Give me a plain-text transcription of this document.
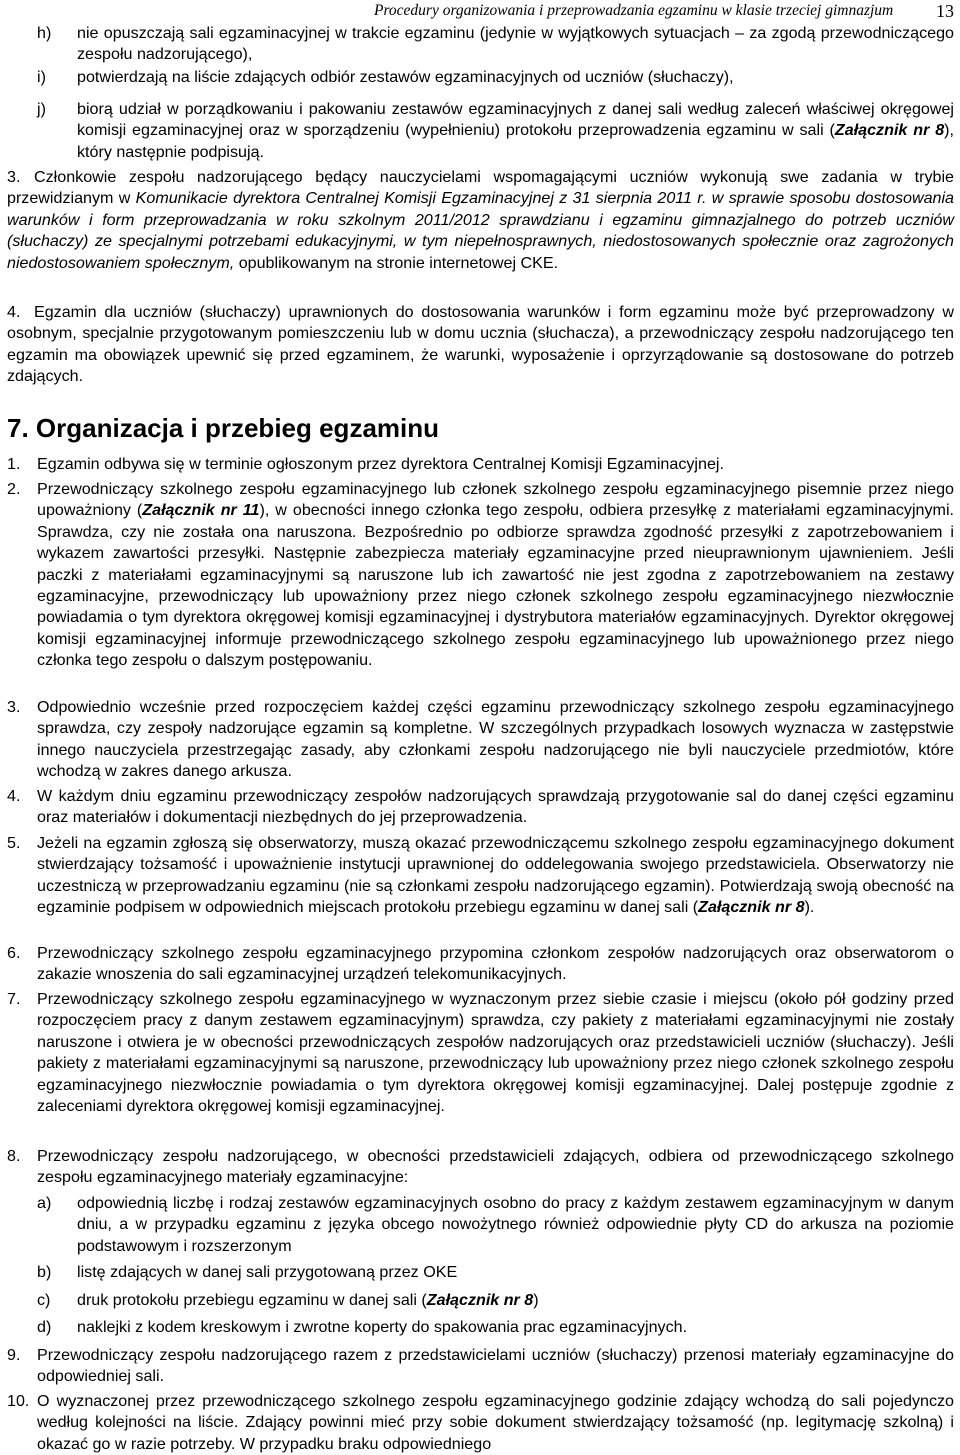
Procedury organizowania i przeprowadzania egzaminu w klasie trzeciej gimnazjum 13
h) nie opuszczają sali egzaminacyjnej w trakcie egzaminu (jedynie w wyjątkowych sytuacjach – za zgodą przewodniczącego zespołu nadzorującego),
i) potwierdzają na liście zdających odbiór zestawów egzaminacyjnych od uczniów (słuchaczy),
j) biorą udział w porządkowaniu i pakowaniu zestawów egzaminacyjnych z danej sali według zaleceń właściwej okręgowej komisji egzaminacyjnej oraz w sporządzeniu (wypełnieniu) protokołu przeprowadzenia egzaminu w sali (Załącznik nr 8), który następnie podpisują.
3. Członkowie zespołu nadzorującego będący nauczycielami wspomagającymi uczniów wykonują swe zadania w trybie przewidzianym w Komunikacie dyrektora Centralnej Komisji Egzaminacyjnej z 31 sierpnia 2011 r. w sprawie sposobu dostosowania warunków i form przeprowadzania w roku szkolnym 2011/2012 sprawdzianu i egzaminu gimnazjalnego do potrzeb uczniów (słuchaczy) ze specjalnymi potrzebami edukacyjnymi, w tym niepełnosprawnych, niedostosowanych społecznie oraz zagrożonych niedostosowaniem społecznym, opublikowanym na stronie internetowej CKE.
4. Egzamin dla uczniów (słuchaczy) uprawnionych do dostosowania warunków i form egzaminu może być przeprowadzony w osobnym, specjalnie przygotowanym pomieszczeniu lub w domu ucznia (słuchacza), a przewodniczący zespołu nadzorującego ten egzamin ma obowiązek upewnić się przed egzaminem, że warunki, wyposażenie i oprzyrządowanie są dostosowane do potrzeb zdających.
7. Organizacja i przebieg egzaminu
1. Egzamin odbywa się w terminie ogłoszonym przez dyrektora Centralnej Komisji Egzaminacyjnej.
2. Przewodniczący szkolnego zespołu egzaminacyjnego lub członek szkolnego zespołu egzaminacyjnego pisemnie przez niego upoważniony (Załącznik nr 11), w obecności innego członka tego zespołu, odbiera przesyłkę z materiałami egzaminacyjnymi. Sprawdza, czy nie została ona naruszona. Bezpośrednio po odbiorze sprawdza zgodność przesyłki z zapotrzebowaniem i wykazem zawartości przesyłki. Następnie zabezpiecza materiały egzaminacyjne przed nieuprawnionym ujawnieniem. Jeśli paczki z materiałami egzaminacyjnymi są naruszone lub ich zawartość nie jest zgodna z zapotrzebowaniem na zestawy egzaminacyjne, przewodniczący lub upoważniony przez niego członek szkolnego zespołu egzaminacyjnego niezwłocznie powiadamia o tym dyrektora okręgowej komisji egzaminacyjnej i dystrybutora materiałów egzaminacyjnych. Dyrektor okręgowej komisji egzaminacyjnej informuje przewodniczącego szkolnego zespołu egzaminacyjnego lub upoważnionego przez niego członka tego zespołu o dalszym postępowaniu.
3. Odpowiednio wcześnie przed rozpoczęciem każdej części egzaminu przewodniczący szkolnego zespołu egzaminacyjnego sprawdza, czy zespoły nadzorujące egzamin są kompletne. W szczególnych przypadkach losowych wyznacza w zastępstwie innego nauczyciela przestrzegając zasady, aby członkami zespołu nadzorującego nie byli nauczyciele przedmiotów, które wchodzą w zakres danego arkusza.
4. W każdym dniu egzaminu przewodniczący zespołów nadzorujących sprawdzają przygotowanie sal do danej części egzaminu oraz materiałów i dokumentacji niezbędnych do jej przeprowadzenia.
5. Jeżeli na egzamin zgłoszą się obserwatorzy, muszą okazać przewodniczącemu szkolnego zespołu egzaminacyjnego dokument stwierdzający tożsamość i upoważnienie instytucji uprawnionej do oddelegowania swojego przedstawiciela. Obserwatorzy nie uczestniczą w przeprowadzaniu egzaminu (nie są członkami zespołu nadzorującego egzamin). Potwierdzają swoją obecność na egzaminie podpisem w odpowiednich miejscach protokołu przebiegu egzaminu w danej sali (Załącznik nr 8).
6. Przewodniczący szkolnego zespołu egzaminacyjnego przypomina członkom zespołów nadzorujących oraz obserwatorom o zakazie wnoszenia do sali egzaminacyjnej urządzeń telekomunikacyjnych.
7. Przewodniczący szkolnego zespołu egzaminacyjnego w wyznaczonym przez siebie czasie i miejscu (około pół godziny przed rozpoczęciem pracy z danym zestawem egzaminacyjnym) sprawdza, czy pakiety z materiałami egzaminacyjnymi nie zostały naruszone i otwiera je w obecności przewodniczących zespołów nadzorujących oraz przedstawicieli uczniów (słuchaczy). Jeśli pakiety z materiałami egzaminacyjnymi są naruszone, przewodniczący lub upoważniony przez niego członek szkolnego zespołu egzaminacyjnego niezwłocznie powiadamia o tym dyrektora okręgowej komisji egzaminacyjnej. Dalej postępuje zgodnie z zaleceniami dyrektora okręgowej komisji egzaminacyjnej.
8. Przewodniczący zespołu nadzorującego, w obecności przedstawicieli zdających, odbiera od przewodniczącego szkolnego zespołu egzaminacyjnego materiały egzaminacyjne:
a) odpowiednią liczbę i rodzaj zestawów egzaminacyjnych osobno do pracy z każdym zestawem egzaminacyjnym w danym dniu, a w przypadku egzaminu z języka obcego nowożytnego również odpowiednie płyty CD do arkusza na poziomie podstawowym i rozszerzonym
b) listę zdających w danej sali przygotowaną przez OKE
c) druk protokołu przebiegu egzaminu w danej sali (Załącznik nr 8)
d) naklejki z kodem kreskowym i zwrotne koperty do spakowania prac egzaminacyjnych.
9. Przewodniczący zespołu nadzorującego razem z przedstawicielami uczniów (słuchaczy) przenosi materiały egzaminacyjne do odpowiedniej sali.
10. O wyznaczonej przez przewodniczącego szkolnego zespołu egzaminacyjnego godzinie zdający wchodzą do sali pojedynczo według kolejności na liście. Zdający powinni mieć przy sobie dokument stwierdzający tożsamość (np. legitymację szkolną) i okazać go w razie potrzeby. W przypadku braku odpowiedniego
